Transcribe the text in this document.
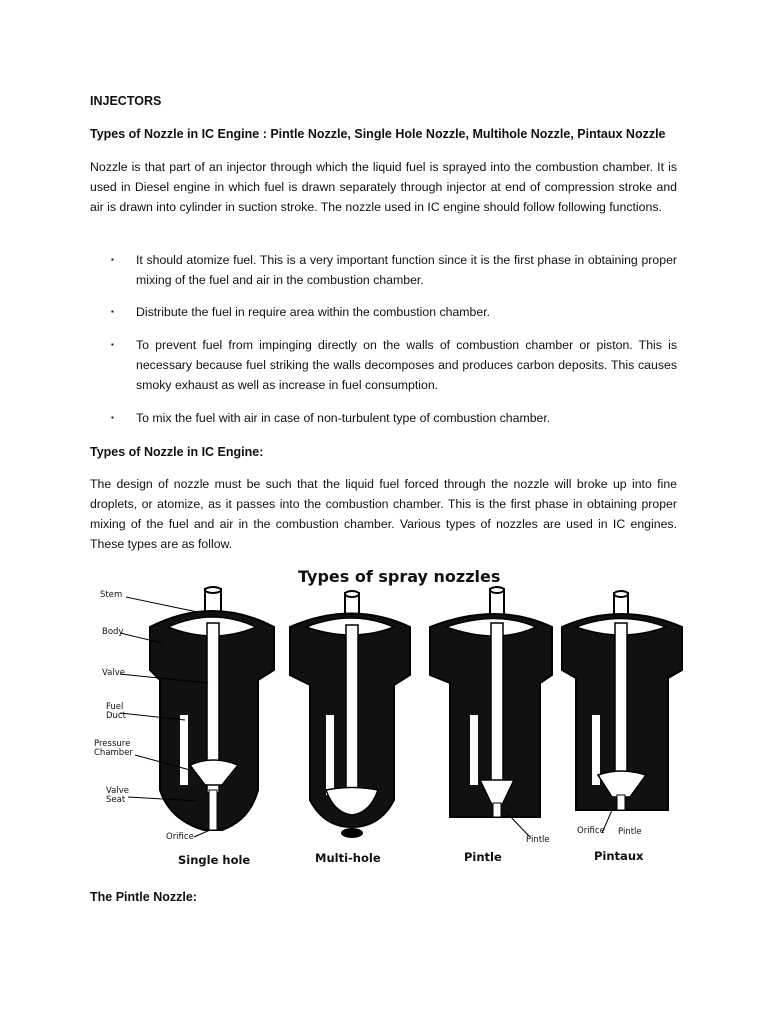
INJECTORS
Types of Nozzle in IC Engine : Pintle Nozzle, Single Hole Nozzle, Multihole Nozzle, Pintaux Nozzle

Nozzle is that part of an injector through which the liquid fuel is sprayed into the combustion chamber. It is used in Diesel engine in which fuel is drawn separately through injector at end of compression stroke and air is drawn into cylinder in suction stroke. The nozzle used in IC engine should follow following functions.

▪ It should atomize fuel. This is a very important function since it is the first phase in obtaining proper mixing of the fuel and air in the combustion chamber.
▪ Distribute the fuel in require area within the combustion chamber.
▪ To prevent fuel from impinging directly on the walls of combustion chamber or piston. This is necessary because fuel striking the walls decomposes and produces carbon deposits. This causes smoky exhaust as well as increase in fuel consumption.
▪ To mix the fuel with air in case of non-turbulent type of combustion chamber.
Types of Nozzle in IC Engine:

The design of nozzle must be such that the liquid fuel forced through the nozzle will broke up into fine droplets, or atomize, as it passes into the combustion chamber. This is the first phase in obtaining proper mixing of the fuel and air in the combustion chamber. Various types of nozzles are used in IC engines. These types are as follow.

Types of spray nozzles
Stem
Body
Valve
Fuel
Duct
Pressure
Chamber
Valve
Seat
Orifice	Pintle
Orifice Pintle
Single hole	Multi-hole	Pintle	Pintaux
The Pintle Nozzle:
